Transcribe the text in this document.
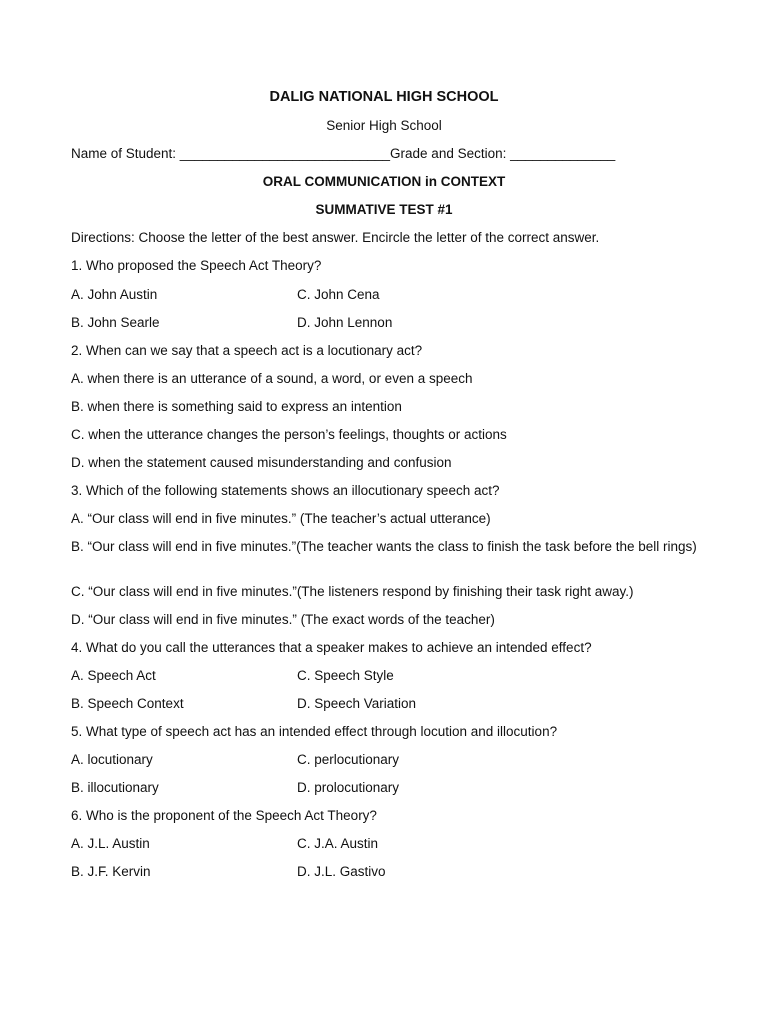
DALIG NATIONAL HIGH SCHOOL
Senior High School
Name of Student: ____________________________Grade and Section: ______________
ORAL COMMUNICATION in CONTEXT
SUMMATIVE TEST #1
Directions: Choose the letter of the best answer. Encircle the letter of the correct answer.
1. Who proposed the Speech Act Theory?
A. John Austin	C. John Cena
B. John Searle	D. John Lennon
2. When can we say that a speech act is a locutionary act?
A. when there is an utterance of a sound, a word, or even a speech
B. when there is something said to express an intention
C. when the utterance changes the person’s feelings, thoughts or actions
D. when the statement caused misunderstanding and confusion
3. Which of the following statements shows an illocutionary speech act?
A. “Our class will end in five minutes.” (The teacher’s actual utterance)
B. “Our class will end in five minutes.”(The teacher wants the class to finish the task before the bell rings)
C. “Our class will end in five minutes.”(The listeners respond by finishing their task right away.)
D. “Our class will end in five minutes.” (The exact words of the teacher)
4. What do you call the utterances that a speaker makes to achieve an intended effect?
A. Speech Act	C. Speech Style
B. Speech Context	D. Speech Variation
5. What type of speech act has an intended effect through locution and illocution?
A. locutionary	C. perlocutionary
B. illocutionary	D. prolocutionary
6. Who is the proponent of the Speech Act Theory?
A. J.L. Austin	C. J.A. Austin
B. J.F. Kervin	D. J.L. Gastivo
